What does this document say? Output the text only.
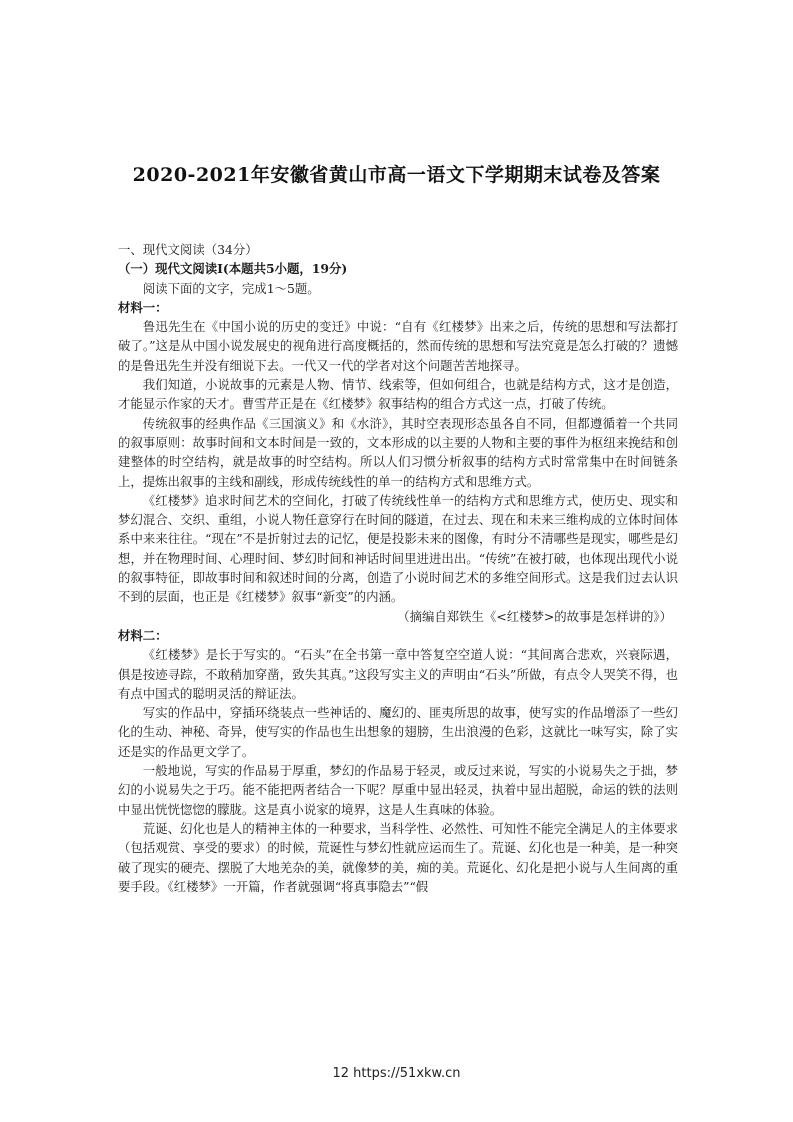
2020-2021年安徽省黄山市高一语文下学期期末试卷及答案
一、现代文阅读（34分）
（一）现代文阅读Ⅰ(本题共5小题，19分)

阅读下面的文字，完成1～5题。

材料一：

鲁迅先生在《中国小说的历史的变迁》中说：“自有《红楼梦》出来之后，传统的思想和写法都打破了。”这是从中国小说发展史的视角进行高度概括的，然而传统的思想和写法究竟是怎么打破的？遗憾的是鲁迅先生并没有细说下去。一代又一代的学者对这个问题苦苦地探寻。

我们知道，小说故事的元素是人物、情节、线索等，但如何组合，也就是结构方式，这才是创造，才能显示作家的天才。曹雪芹正是在《红楼梦》叙事结构的组合方式这一点，打破了传统。

传统叙事的经典作品《三国演义》和《水浒》，其时空表现形态虽各自不同，但都遵循着一个共同的叙事原则：故事时间和文本时间是一致的，文本形成的以主要的人物和主要的事件为枢纽来挽结和创建整体的时空结构，就是故事的时空结构。所以人们习惯分析叙事的结构方式时常常集中在时间链条上，提炼出叙事的主线和副线，形成传统线性的单一的结构方式和思维方式。

《红楼梦》追求时间艺术的空间化，打破了传统线性单一的结构方式和思维方式，使历史、现实和梦幻混合、交织、重组，小说人物任意穿行在时间的隧道，在过去、现在和未来三维构成的立体时间体系中来来往往。“现在”不是折射过去的记忆，便是投影未来的图像，有时分不清哪些是现实，哪些是幻想，并在物理时间、心理时间、梦幻时间和神话时间里进进出出。“传统”在被打破，也体现出现代小说的叙事特征，即故事时间和叙述时间的分离，创造了小说时间艺术的多维空间形式。这是我们过去认识不到的层面，也正是《红楼梦》叙事“新变”的内涵。

（摘编自郑铁生《<红楼梦>的故事是怎样讲的》）

材料二：

《红楼梦》是长于写实的。“石头”在全书第一章中答复空空道人说：“其间离合悲欢，兴衰际遇，俱是按迹寻踪，不敢稍加穿凿，致失其真。”这段写实主义的声明由“石头”所做，有点令人哭笑不得，也有点中国式的聪明灵活的辩证法。

写实的作品中，穿插环绕装点一些神话的、魔幻的、匪夷所思的故事，使写实的作品增添了一些幻化的生动、神秘、奇异，使写实的作品也生出想象的翅膀，生出浪漫的色彩，这就比一味写实，除了实还是实的作品更文学了。

一般地说，写实的作品易于厚重，梦幻的作品易于轻灵，或反过来说，写实的小说易失之于拙，梦幻的小说易失之于巧。能不能把两者结合一下呢？厚重中显出轻灵，执着中显出超脱，命运的铁的法则中显出恍恍惚惚的朦胧。这是真小说家的境界，这是人生真味的体验。

荒诞、幻化也是人的精神主体的一种要求，当科学性、必然性、可知性不能完全满足人的主体要求（包括观赏、享受的要求）的时候，荒诞性与梦幻性就应运而生了。荒诞、幻化也是一种美，是一种突破了现实的硬壳、摆脱了大地羌杂的美，就像梦的美，痴的美。荒诞化、幻化是把小说与人生间离的重要手段。《红楼梦》一开篇，作者就强调“将真事隐去”“假

12 https://51xkw.cn
